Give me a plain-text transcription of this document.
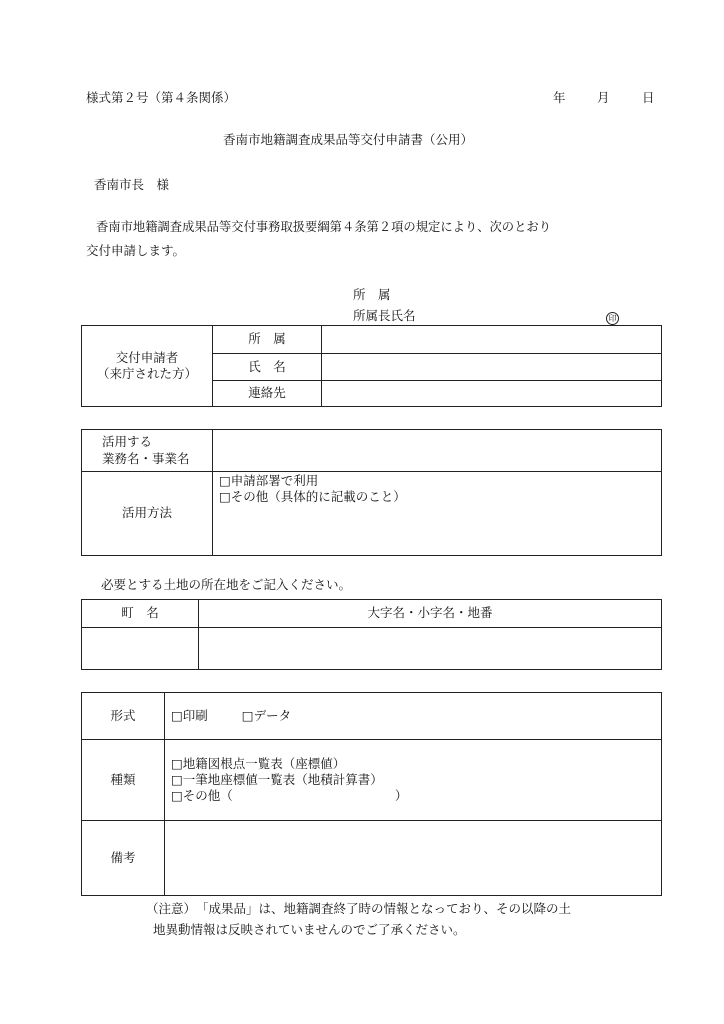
様式第２号（第４条関係）	年	月	日
香南市地籍調査成果品等交付申請書（公用）
香南市長　様
香南市地籍調査成果品等交付事務取扱要綱第４条第２項の規定により、次のとおり
交付申請します。
所　属
所属長氏名	印
交付申請者
（来庁された方）	所　属	
	氏　名	
	連絡先	
活用する
業務名・事業名	

活用方法	□申請部署で利用
□その他（具体的に記載のこと）
必要とする土地の所在地をご記入ください。
町　名	大字名・小字名・地番

形式	□印刷 □データ
種類	□地籍図根点一覧表（座標値）
□一筆地座標値一覧表（地積計算書）
□その他（ ）
備考	
（注意）　「成果品」は、地籍調査終了時の情報となっており、その以降の土
地異動情報は反映されていませんのでご了承ください。
